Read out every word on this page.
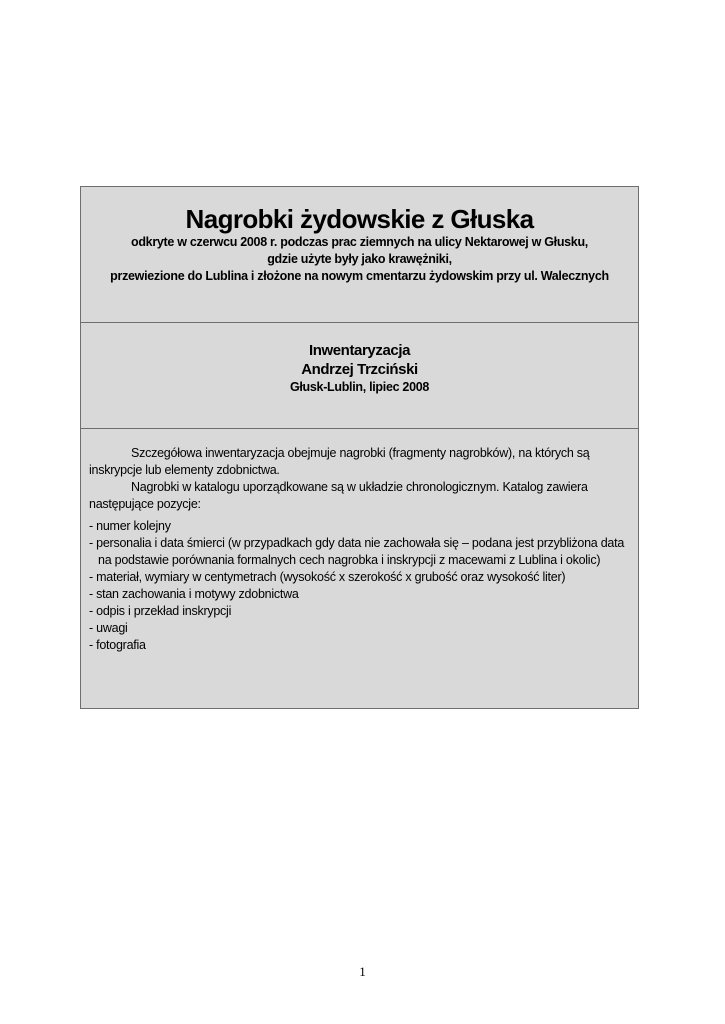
Nagrobki żydowskie z Głuska

odkryte w czerwcu 2008 r. podczas prac ziemnych na ulicy Nektarowej w Głusku,

gdzie użyte były jako krawężniki,

przewiezione do Lublina i złożone na nowym cmentarzu żydowskim przy ul. Walecznych

Inwentaryzacja

Andrzej Trzciński

Głusk-Lublin, lipiec 2008

Szczegółowa inwentaryzacja obejmuje nagrobki (fragmenty nagrobków), na których są inskrypcje lub elementy zdobnictwa.

Nagrobki w katalogu uporządkowane są w układzie chronologicznym. Katalog zawiera następujące pozycje:

- numer kolejny
- personalia i data śmierci (w przypadkach gdy data nie zachowała się – podana jest przybliżona data na podstawie porównania formalnych cech nagrobka i inskrypcji z macewami z Lublina i okolic)
- materiał, wymiary w centymetrach (wysokość x szerokość x grubość oraz wysokość liter)
- stan zachowania i motywy zdobnictwa
- odpis i przekład inskrypcji
- uwagi
- fotografia
1
